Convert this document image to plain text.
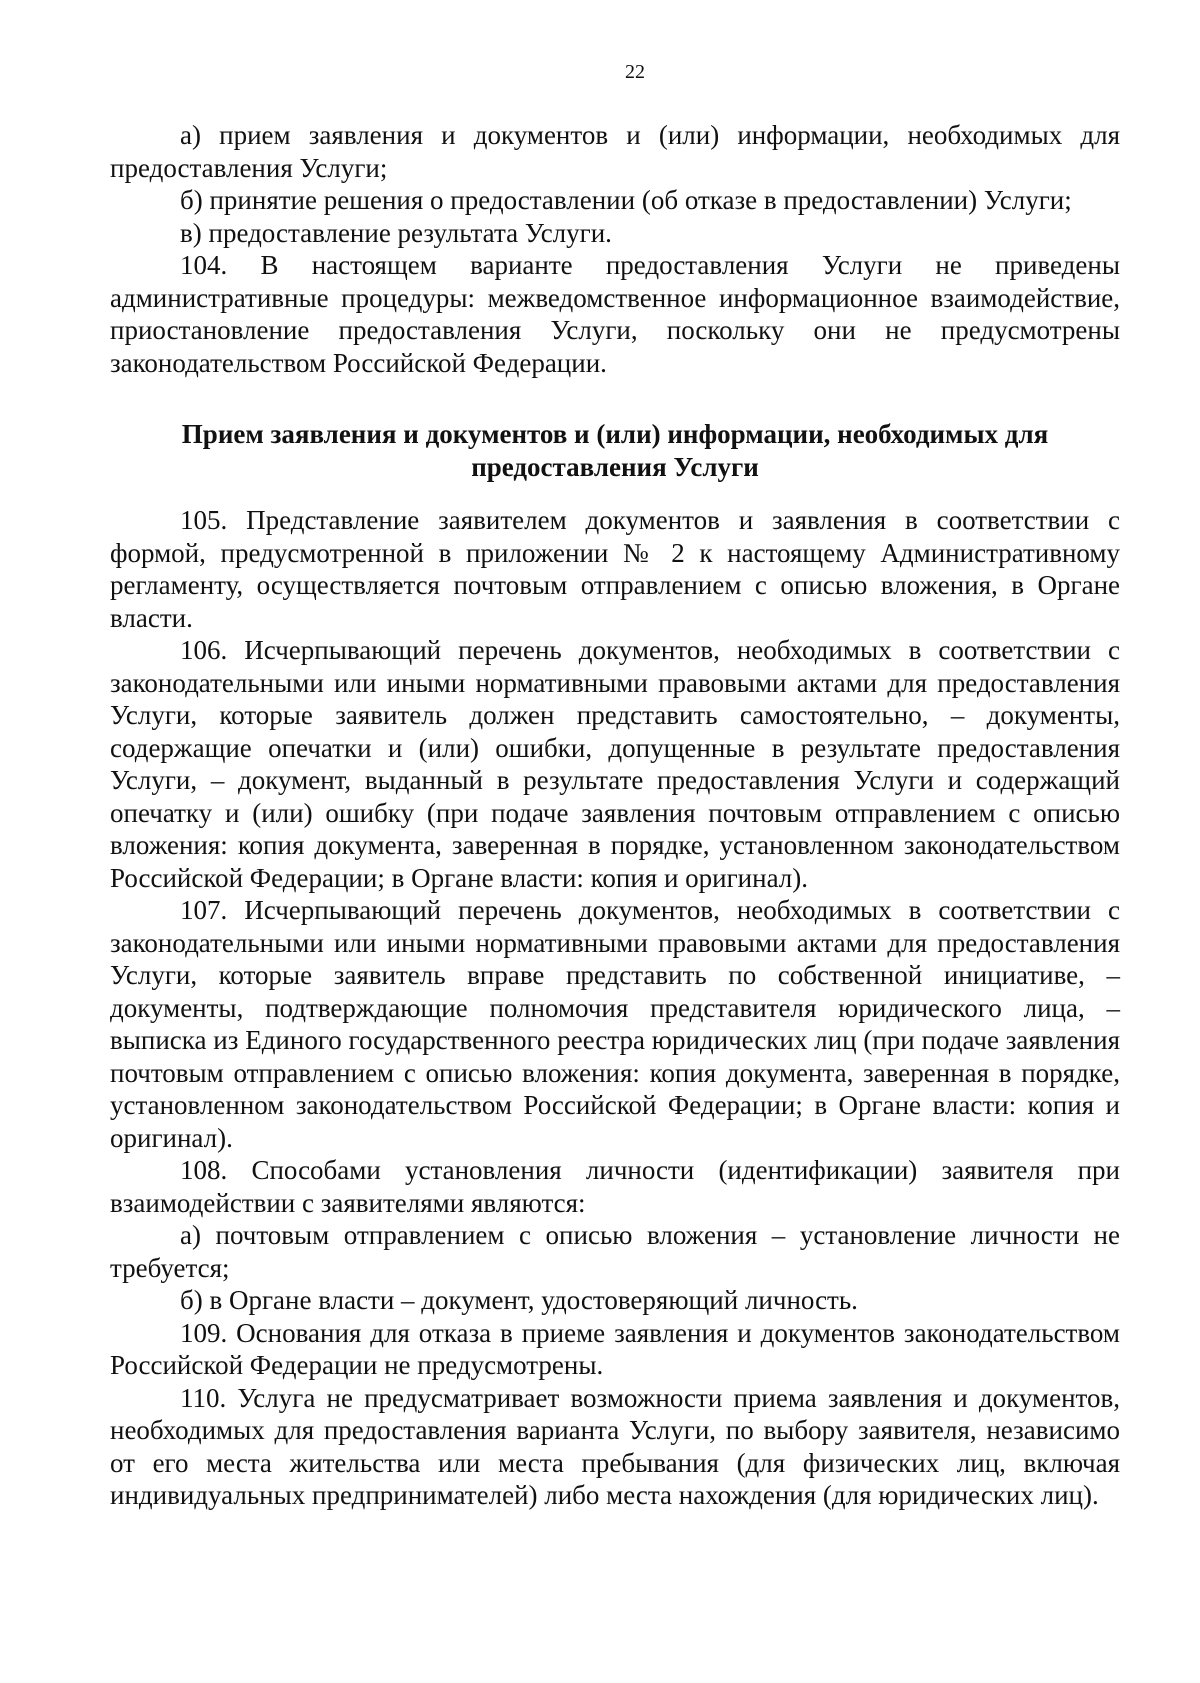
22

а) прием заявления и документов и (или) информации, необходимых для предоставления Услуги;

б) принятие решения о предоставлении (об отказе в предоставлении) Услуги;

в) предоставление результата Услуги.

104. В настоящем варианте предоставления Услуги не приведены административные процедуры: межведомственное информационное взаимодействие, приостановление предоставления Услуги, поскольку они не предусмотрены законодательством Российской Федерации.

Прием заявления и документов и (или) информации, необходимых для предоставления Услуги

105. Представление заявителем документов и заявления в соответствии с формой, предусмотренной в приложении № 2 к настоящему Административному регламенту, осуществляется почтовым отправлением с описью вложения, в Органе власти.

106. Исчерпывающий перечень документов, необходимых в соответствии с законодательными или иными нормативными правовыми актами для предоставления Услуги, которые заявитель должен представить самостоятельно, – документы, содержащие опечатки и (или) ошибки, допущенные в результате предоставления Услуги, – документ, выданный в результате предоставления Услуги и содержащий опечатку и (или) ошибку (при подаче заявления почтовым отправлением с описью вложения: копия документа, заверенная в порядке, установленном законодательством Российской Федерации; в Органе власти: копия и оригинал).

107. Исчерпывающий перечень документов, необходимых в соответствии с законодательными или иными нормативными правовыми актами для предоставления Услуги, которые заявитель вправе представить по собственной инициативе, – документы, подтверждающие полномочия представителя юридического лица, – выписка из Единого государственного реестра юридических лиц (при подаче заявления почтовым отправлением с описью вложения: копия документа, заверенная в порядке, установленном законодательством Российской Федерации; в Органе власти: копия и оригинал).

108. Способами установления личности (идентификации) заявителя при взаимодействии с заявителями являются:

а) почтовым отправлением с описью вложения – установление личности не требуется;

б) в Органе власти – документ, удостоверяющий личность.

109. Основания для отказа в приеме заявления и документов законодательством Российской Федерации не предусмотрены.

110. Услуга не предусматривает возможности приема заявления и документов, необходимых для предоставления варианта Услуги, по выбору заявителя, независимо от его места жительства или места пребывания (для физических лиц, включая индивидуальных предпринимателей) либо места нахождения (для юридических лиц).
